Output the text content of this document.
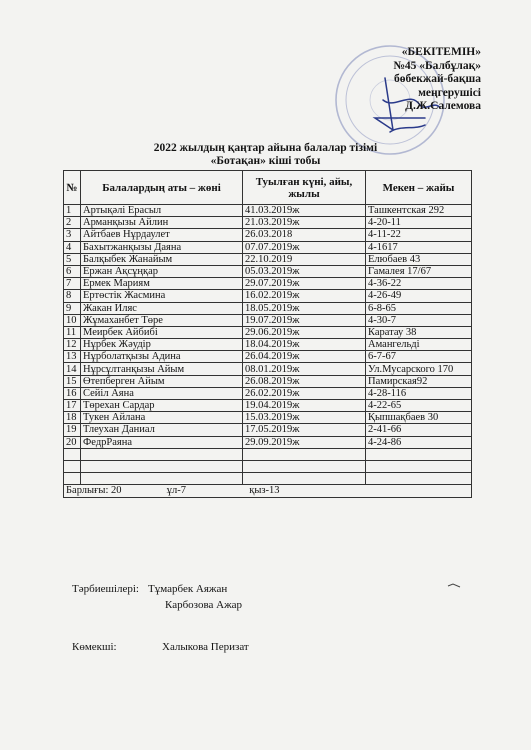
«БЕКІТЕМІН»
№45 «Балбұлақ»
бөбекжай-бақша
меңгерушісі
Д.Ж.Салемова
2022 жылдың қаңтар айына балалар тізімі
«Ботақан» кіші тобы
№	Балалардың аты – жөні	Туылған күні, айы, жылы	Мекен – жайы
1	Артықәлі Ерасыл	41.03.2019ж	Ташкентская 292
2	Арманқызы Айлин	21.03.2019ж	4-20-11
3	Айтбаев Нұрдаулет	26.03.2018	4-11-22
4	Бахытжанқызы Даяна	07.07.2019ж	4-1617
5	Балқыбек Жанайым	22.10.2019	Елюбаев 43
6	Ержан Ақсұңқар	05.03.2019ж	Гамалея 17/67
7	Ермек Мариям	29.07.2019ж	4-36-22
8	Ертөстік Жасмина	16.02.2019ж	4-26-49
9	Жакан Иляс	18.05.2019ж	6-8-65
10	Жұмаханбет Төре	19.07.2019ж	4-30-7
11	Меирбек Айбибі	29.06.2019ж	Каратау 38
12	Нұрбек Жәудір	18.04.2019ж	Амангельді
13	Нұрболатқызы Адина	26.04.2019ж	6-7-67
14	Нұрсұлтанқызы Айым	08.01.2019ж	Ул.Мусарского 170
15	Өтепберген Айым	26.08.2019ж	Памирская92
16	Сейіл Аяна	26.02.2019ж	4-28-116
17	Төрехан Сардар	19.04.2019ж	4-22-65
18	Тукен Айлана	15.03.2019ж	Қыпшақбаев 30
19	Тлеухан Даниал	17.05.2019ж	2-41-66
20	ФедрРаяна	29.09.2019ж	4-24-86

Барлығы: 20 ұл-7 қыз-13			
Тәрбиешілері: Тұмарбек Аяжан
Карбозова Ажар
Көмекші:	Халыкова Перизат
